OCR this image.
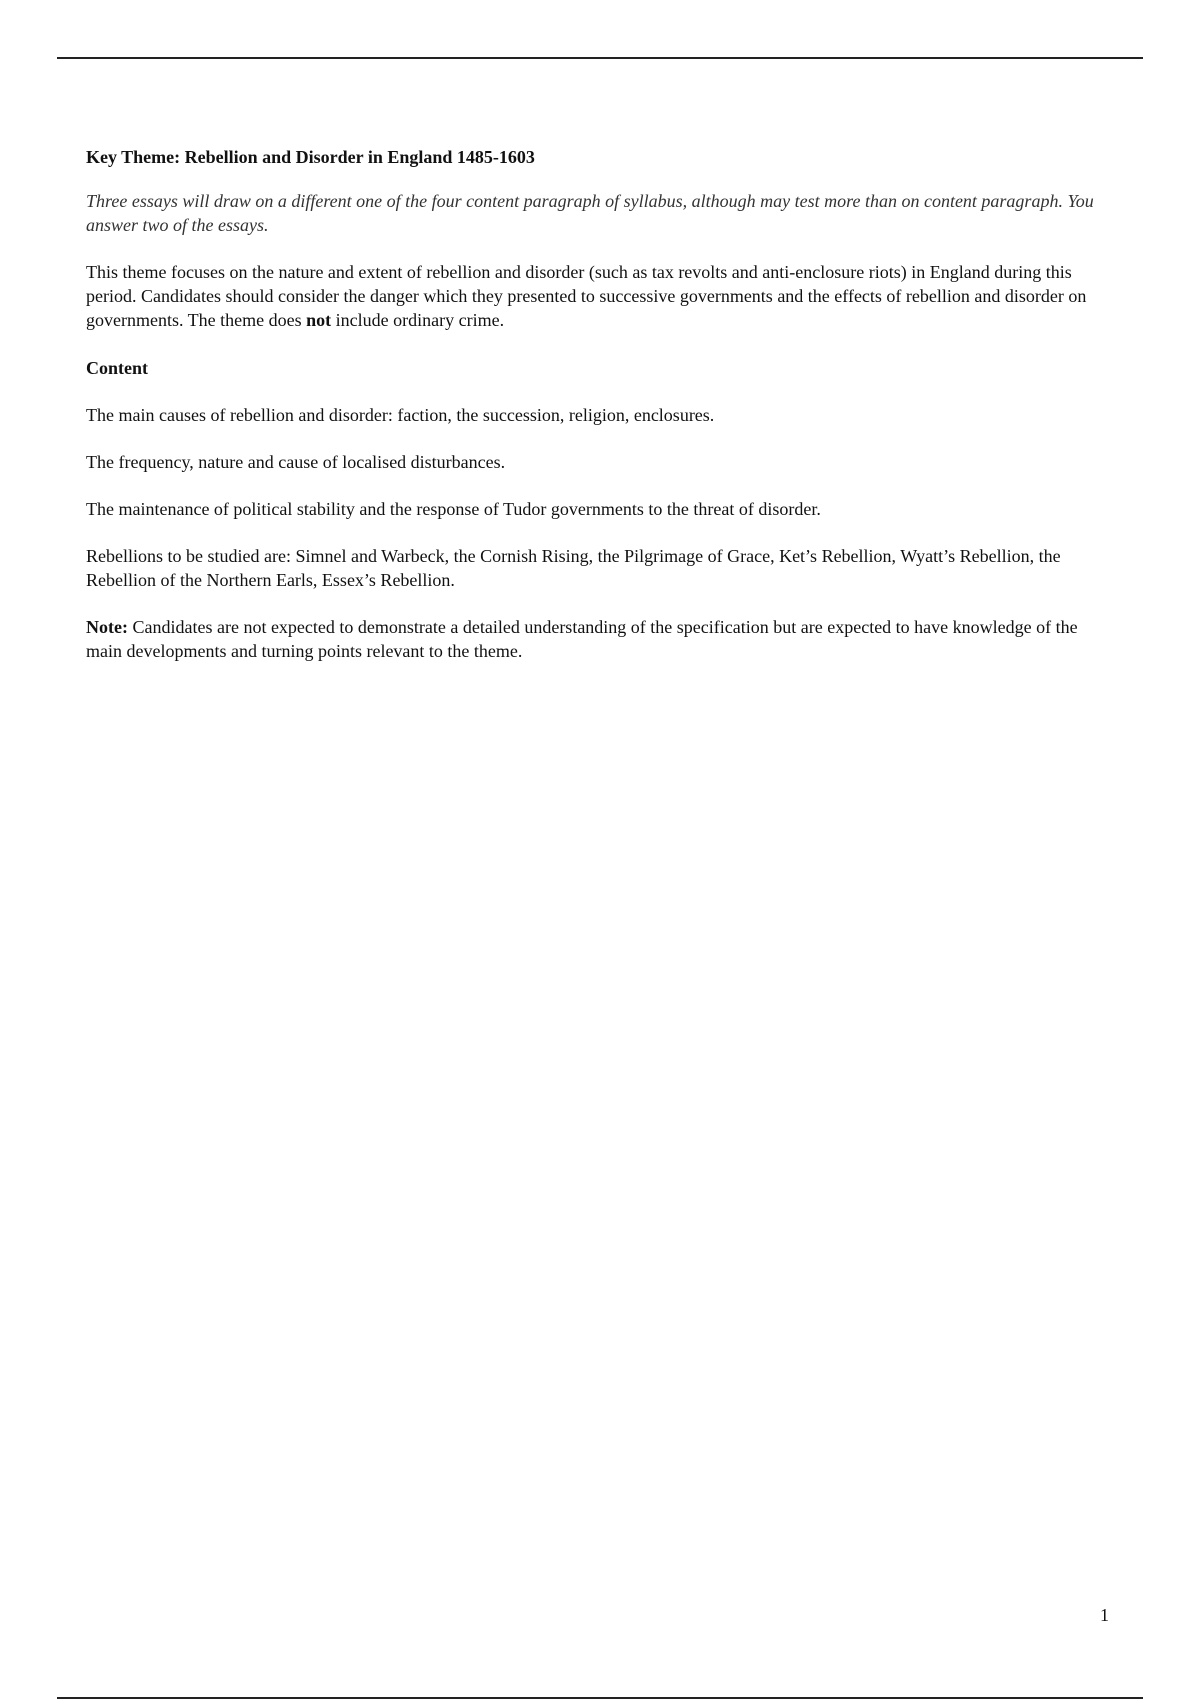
Key Theme: Rebellion and Disorder in England 1485-1603

Three essays will draw on a different one of the four content paragraph of syllabus, although may test more than on content paragraph. You answer two of the essays.

This theme focuses on the nature and extent of rebellion and disorder (such as tax revolts and anti-enclosure riots) in England during this period. Candidates should consider the danger which they presented to successive governments and the effects of rebellion and disorder on governments. The theme does not include ordinary crime.

Content

The main causes of rebellion and disorder: faction, the succession, religion, enclosures.

The frequency, nature and cause of localised disturbances.

The maintenance of political stability and the response of Tudor governments to the threat of disorder.

Rebellions to be studied are: Simnel and Warbeck, the Cornish Rising, the Pilgrimage of Grace, Ket’s Rebellion, Wyatt’s Rebellion, the Rebellion of the Northern Earls, Essex’s Rebellion.

Note: Candidates are not expected to demonstrate a detailed understanding of the specification but are expected to have knowledge of the main developments and turning points relevant to the theme.

1
